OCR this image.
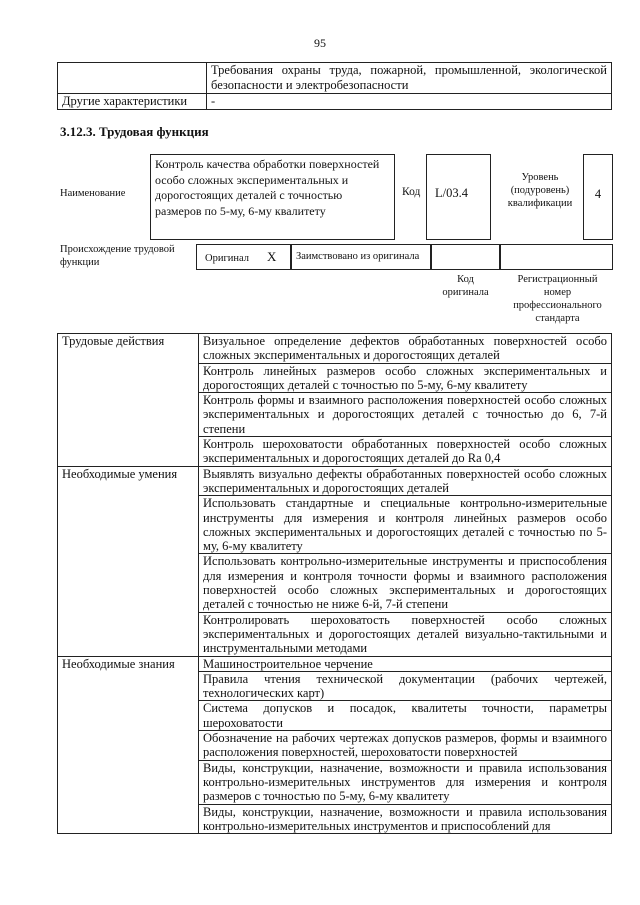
95
	Требования охраны труда, пожарной, промышленной, экологической безопасности и электробезопасности
Другие характеристики	-
3.12.3. Трудовая функция
Наименование
Контроль качества обработки поверхностей особо сложных экспериментальных и дорогостоящих деталей с точностью размеров по 5-му, 6-му квалитету
Код	L/03.4
Уровень (подуровень) квалификации
4
Происхождение трудовой функции	Оригинал X	Заимствовано из оригинала
Код оригинала
Регистрационный номер профессионального стандарта
Трудовые действия	Визуальное определение дефектов обработанных поверхностей особо сложных экспериментальных и дорогостоящих деталей
	Контроль линейных размеров особо сложных экспериментальных и дорогостоящих деталей с точностью по 5-му, 6-му квалитету
	Контроль формы и взаимного расположения поверхностей особо сложных экспериментальных и дорогостоящих деталей с точностью до 6, 7-й степени
	Контроль шероховатости обработанных поверхностей особо сложных экспериментальных и дорогостоящих деталей до Ra 0,4
Необходимые умения	Выявлять визуально дефекты обработанных поверхностей особо сложных экспериментальных и дорогостоящих деталей
	Использовать стандартные и специальные контрольно-измерительные инструменты для измерения и контроля линейных размеров особо сложных экспериментальных и дорогостоящих деталей с точностью по 5-му, 6-му квалитету
	Использовать контрольно-измерительные инструменты и приспособления для измерения и контроля точности формы и взаимного расположения поверхностей особо сложных экспериментальных и дорогостоящих деталей с точностью не ниже 6-й, 7-й степени
	Контролировать шероховатость поверхностей особо сложных экспериментальных и дорогостоящих деталей визуально-тактильными и инструментальными методами
Необходимые знания	Машиностроительное черчение
	Правила чтения технической документации (рабочих чертежей, технологических карт)
	Система допусков и посадок, квалитеты точности, параметры шероховатости
	Обозначение на рабочих чертежах допусков размеров, формы и взаимного расположения поверхностей, шероховатости поверхностей
	Виды, конструкции, назначение, возможности и правила использования контрольно-измерительных инструментов для измерения и контроля размеров с точностью по 5-му, 6-му квалитету
	Виды, конструкции, назначение, возможности и правила использования контрольно-измерительных инструментов и приспособлений для
